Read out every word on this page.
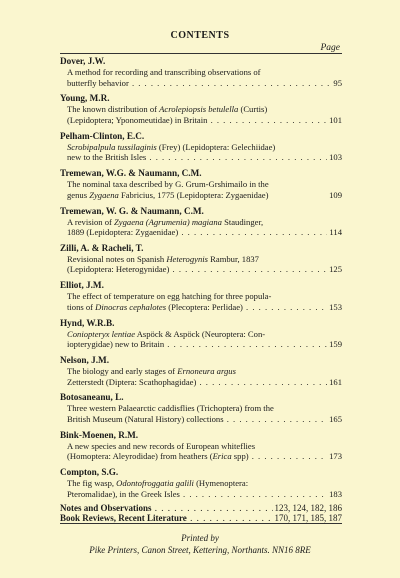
CONTENTS
Page
Dover, J.W.
A method for recording and transcribing observations of
butterfly behavior . . .	95
Young, M.R.
The known distribution of Acrolepiopsis betulella (Curtis)
(Lepidoptera; Yponomeutidae) in Britain . . .	101
Pelham-Clinton, E.C.
Scrobipalpula tussilaginis (Frey) (Lepidoptera: Gelechiidae)
new to the British Isles . . .	103
Tremewan, W.G. & Naumann, C.M.
The nominal taxa described by G. Grum-Grshimailo in the
genus Zygaena Fabricius, 1775 (Lepidoptera: Zygaenidae)	109
Tremewan, W. G. & Naumann, C.M.
A revision of Zygaena (Agrumenia) magiana Staudinger,
1889 (Lepidoptera: Zygaenidae) . . .	114
Zilli, A. & Racheli, T.
Revisional notes on Spanish Heterogynis Rambur, 1837
(Lepidoptera: Heterogynidae) . . .	125
Elliot, J.M.
The effect of temperature on egg hatching for three popula-
tions of Dinocras cephalotes (Plecoptera: Perlidae) . . .	153
Hynd, W.R.B.
Coniopteryx lentiae Aspöck & Aspöck (Neuroptera: Con-
iopterygidae) new to Britain . . .	159
Nelson, J.M.
The biology and early stages of Ernoneura argus
Zetterstedt (Diptera: Scathophagidae) . . .	161
Botosaneanu, L.
Three western Palaearctic caddisflies (Trichoptera) from the
British Museum (Natural History) collections . . .	165
Bink-Moenen, R.M.
A new species and new records of European whiteflies
(Homoptera: Aleyrodidae) from heathers (Erica spp) . . .	173
Compton, S.G.
The fig wasp, Odontofroggatia galili (Hymenoptera:
Pteromalidae), in the Greek Isles . . .	183
Notes and Observations . . .	123, 124, 182, 186
Book Reviews, Recent Literature . . .	170, 171, 185, 187
Printed by
Pike Printers, Canon Street, Kettering, Northants. NN16 8RE
